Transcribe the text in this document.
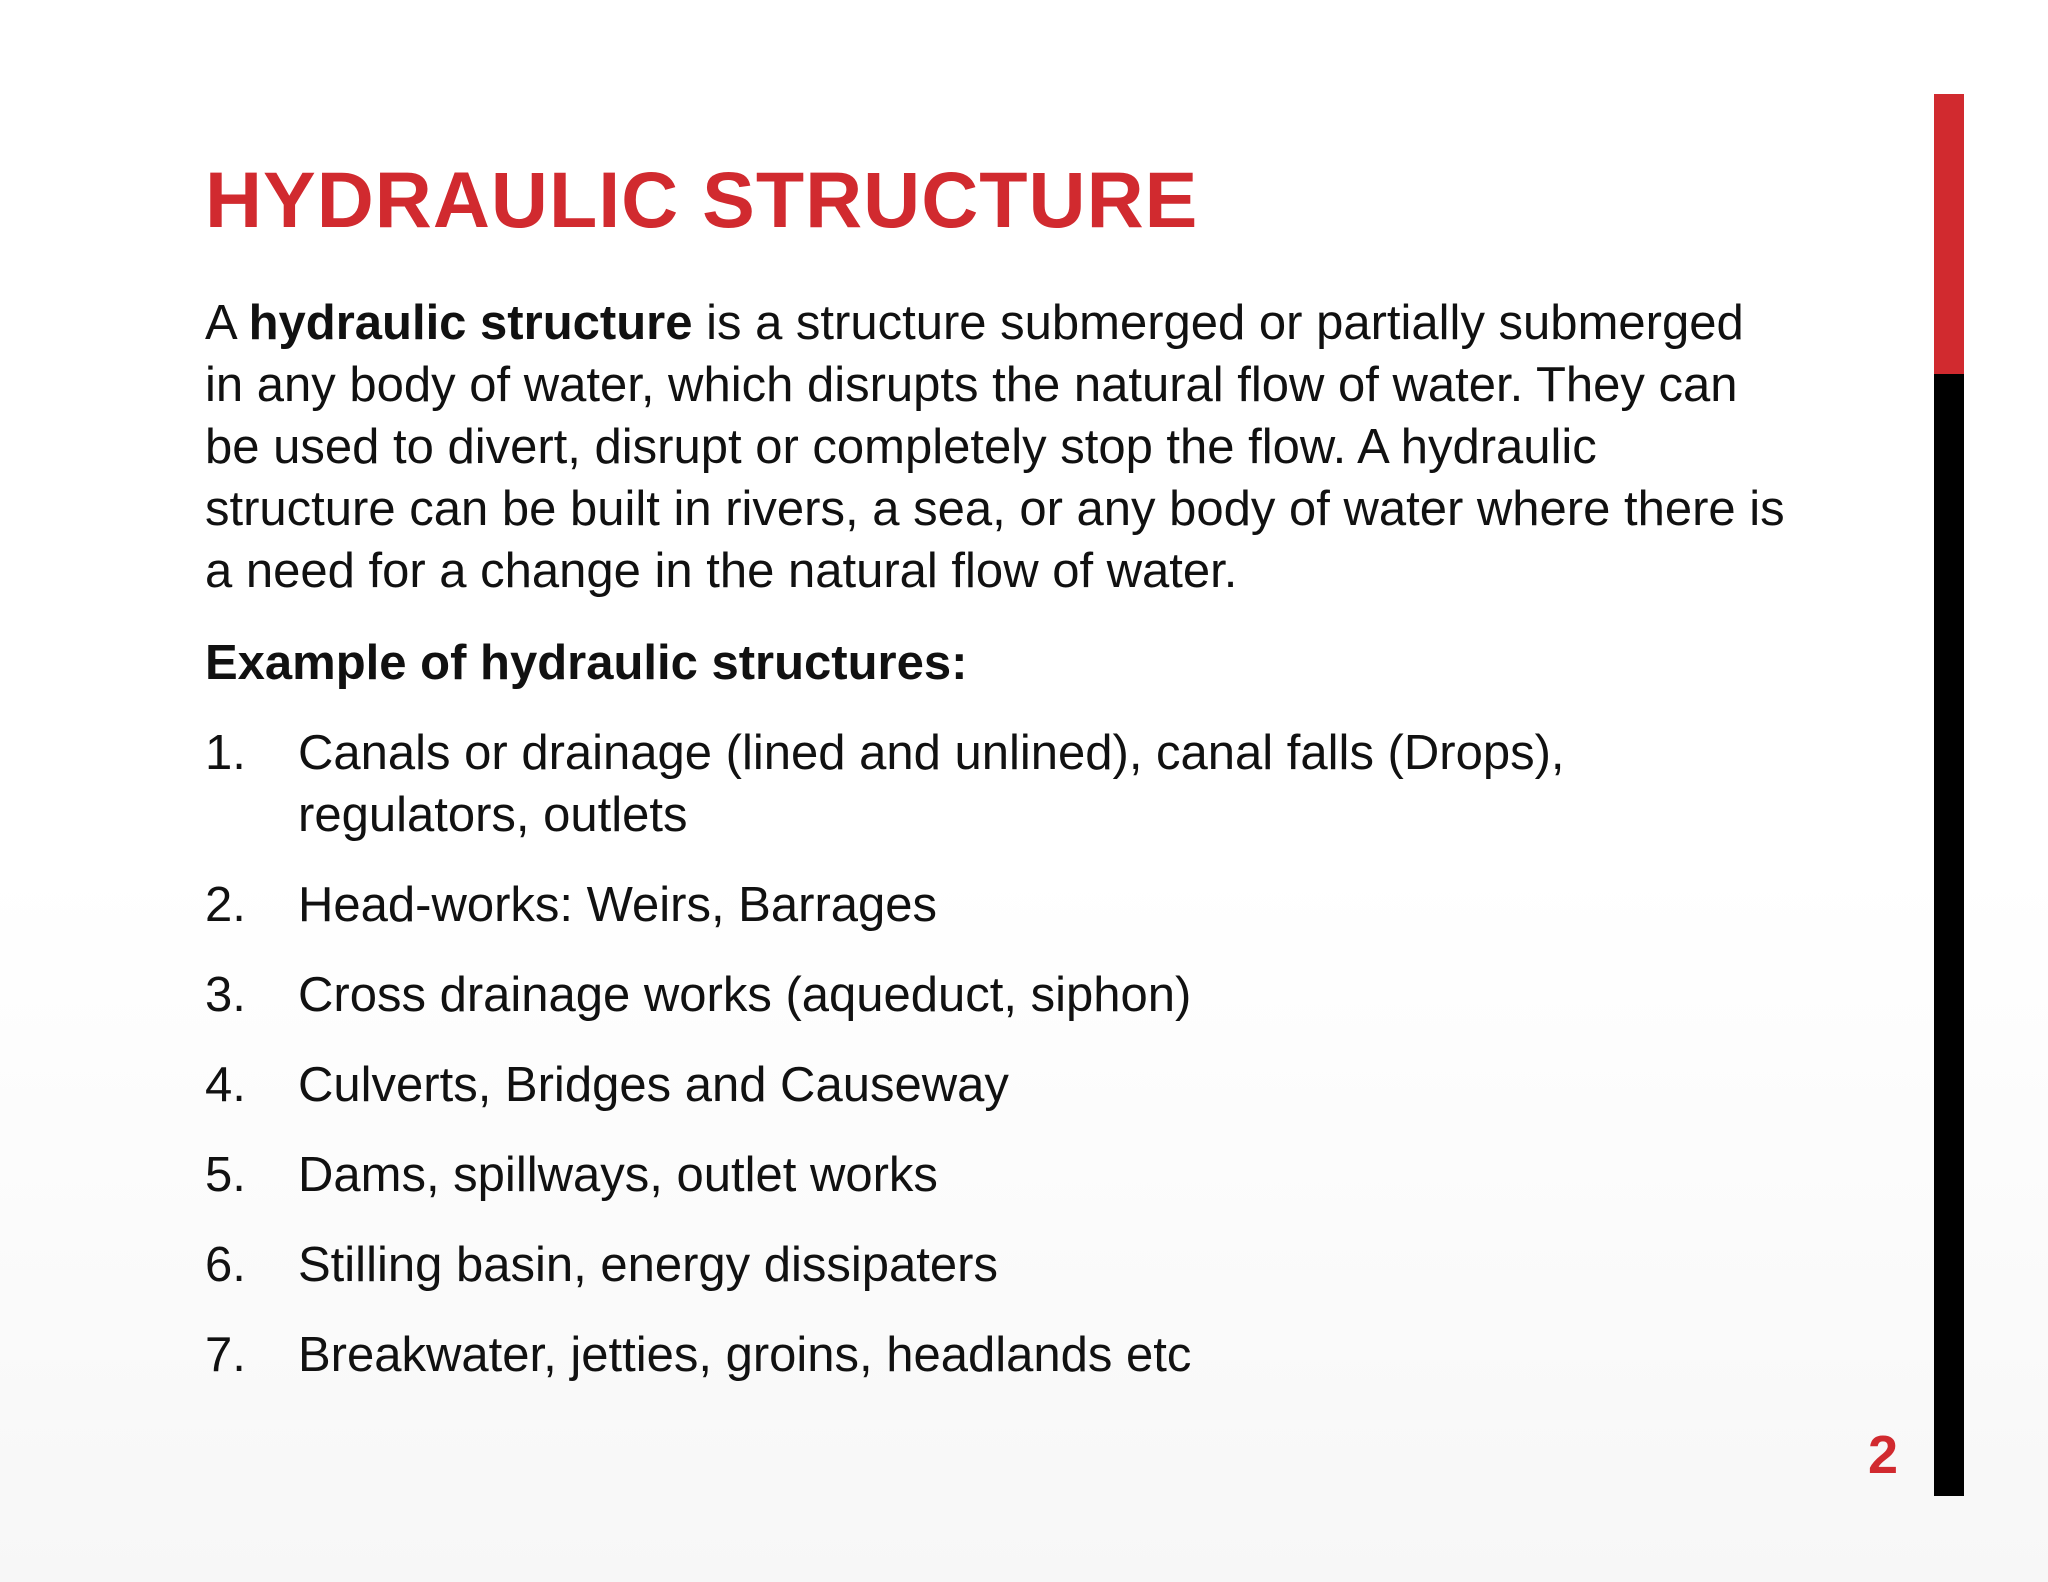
HYDRAULIC STRUCTURE

A hydraulic structure is a structure submerged or partially submerged
in any body of water, which disrupts the natural flow of water. They can
be used to divert, disrupt or completely stop the flow. A hydraulic
structure can be built in rivers, a sea, or any body of water where there is
a need for a change in the natural flow of water.

Example of hydraulic structures:

1. Canals or drainage (lined and unlined), canal falls (Drops),
regulators, outlets
2. Head-works: Weirs, Barrages
3. Cross drainage works (aqueduct, siphon)
4. Culverts, Bridges and Causeway
5. Dams, spillways, outlet works
6. Stilling basin, energy dissipaters
7. Breakwater, jetties, groins, headlands etc
2
